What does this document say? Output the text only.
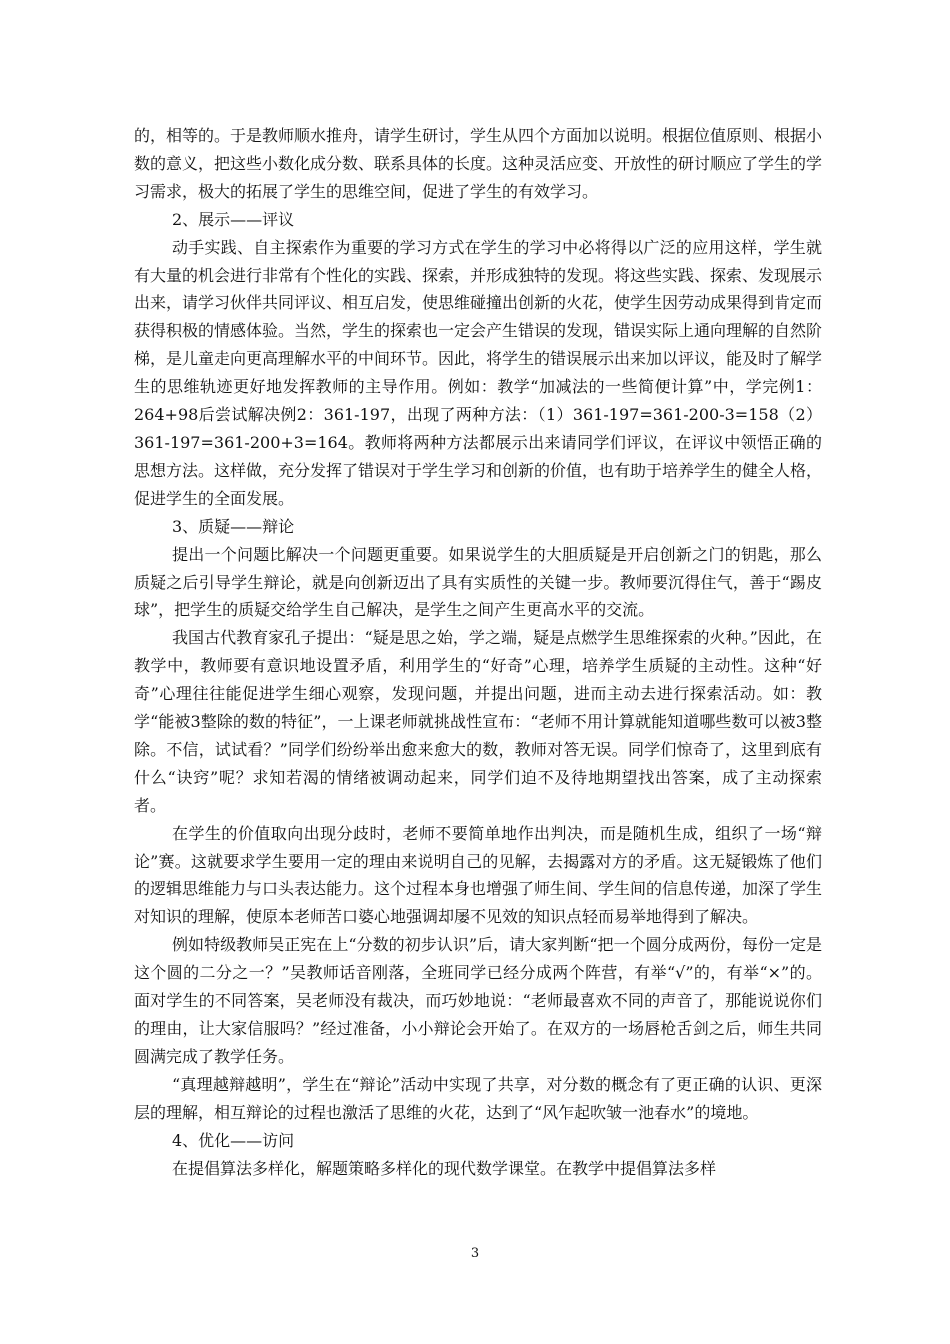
的，相等的。于是教师顺水推舟，请学生研讨，学生从四个方面加以说明。根据位值原则、根据小数的意义，把这些小数化成分数、联系具体的长度。这种灵活应变、开放性的研讨顺应了学生的学习需求，极大的拓展了学生的思维空间，促进了学生的有效学习。

2、展示——评议

动手实践、自主探索作为重要的学习方式在学生的学习中必将得以广泛的应用这样，学生就有大量的机会进行非常有个性化的实践、探索，并形成独特的发现。将这些实践、探索、发现展示出来，请学习伙伴共同评议、相互启发，使思维碰撞出创新的火花，使学生因劳动成果得到肯定而获得积极的情感体验。当然，学生的探索也一定会产生错误的发现，错误实际上通向理解的自然阶梯，是儿童走向更高理解水平的中间环节。因此，将学生的错误展示出来加以评议，能及时了解学生的思维轨迹更好地发挥教师的主导作用。例如：教学“加减法的一些简便计算”中，学完例1：264+98后尝试解决例2：361-197，出现了两种方法：（1）361-197=361-200-3=158（2）361-197=361-200+3=164。教师将两种方法都展示出来请同学们评议，在评议中领悟正确的思想方法。这样做，充分发挥了错误对于学生学习和创新的价值，也有助于培养学生的健全人格，促进学生的全面发展。

3、质疑——辩论

提出一个问题比解决一个问题更重要。如果说学生的大胆质疑是开启创新之门的钥匙，那么质疑之后引导学生辩论，就是向创新迈出了具有实质性的关键一步。教师要沉得住气，善于“踢皮球”，把学生的质疑交给学生自己解决，是学生之间产生更高水平的交流。

我国古代教育家孔子提出：“疑是思之始，学之端，疑是点燃学生思维探索的火种。”因此，在教学中，教师要有意识地设置矛盾，利用学生的“好奇”心理，培养学生质疑的主动性。这种“好奇”心理往往能促进学生细心观察，发现问题，并提出问题，进而主动去进行探索活动。如：教学“能被3整除的数的特征”，一上课老师就挑战性宣布：“老师不用计算就能知道哪些数可以被3整除。不信，试试看？”同学们纷纷举出愈来愈大的数，教师对答无误。同学们惊奇了，这里到底有什么“诀窍”呢？求知若渴的情绪被调动起来，同学们迫不及待地期望找出答案，成了主动探索者。

在学生的价值取向出现分歧时，老师不要简单地作出判决，而是随机生成，组织了一场“辩论”赛。这就要求学生要用一定的理由来说明自己的见解，去揭露对方的矛盾。这无疑锻炼了他们的逻辑思维能力与口头表达能力。这个过程本身也增强了师生间、学生间的信息传递，加深了学生对知识的理解，使原本老师苦口婆心地强调却屡不见效的知识点轻而易举地得到了解决。

例如特级教师吴正宪在上“分数的初步认识”后，请大家判断“把一个圆分成两份，每份一定是这个圆的二分之一？”吴教师话音刚落，全班同学已经分成两个阵营，有举“√”的，有举“×”的。面对学生的不同答案，吴老师没有裁决，而巧妙地说：“老师最喜欢不同的声音了，那能说说你们的理由，让大家信服吗？”经过准备，小小辩论会开始了。在双方的一场唇枪舌剑之后，师生共同圆满完成了教学任务。

“真理越辩越明”，学生在“辩论”活动中实现了共享，对分数的概念有了更正确的认识、更深层的理解，相互辩论的过程也激活了思维的火花，达到了“风乍起吹皱一池春水”的境地。

4、优化——访问

在提倡算法多样化，解题策略多样化的现代数学课堂。在教学中提倡算法多样

3
